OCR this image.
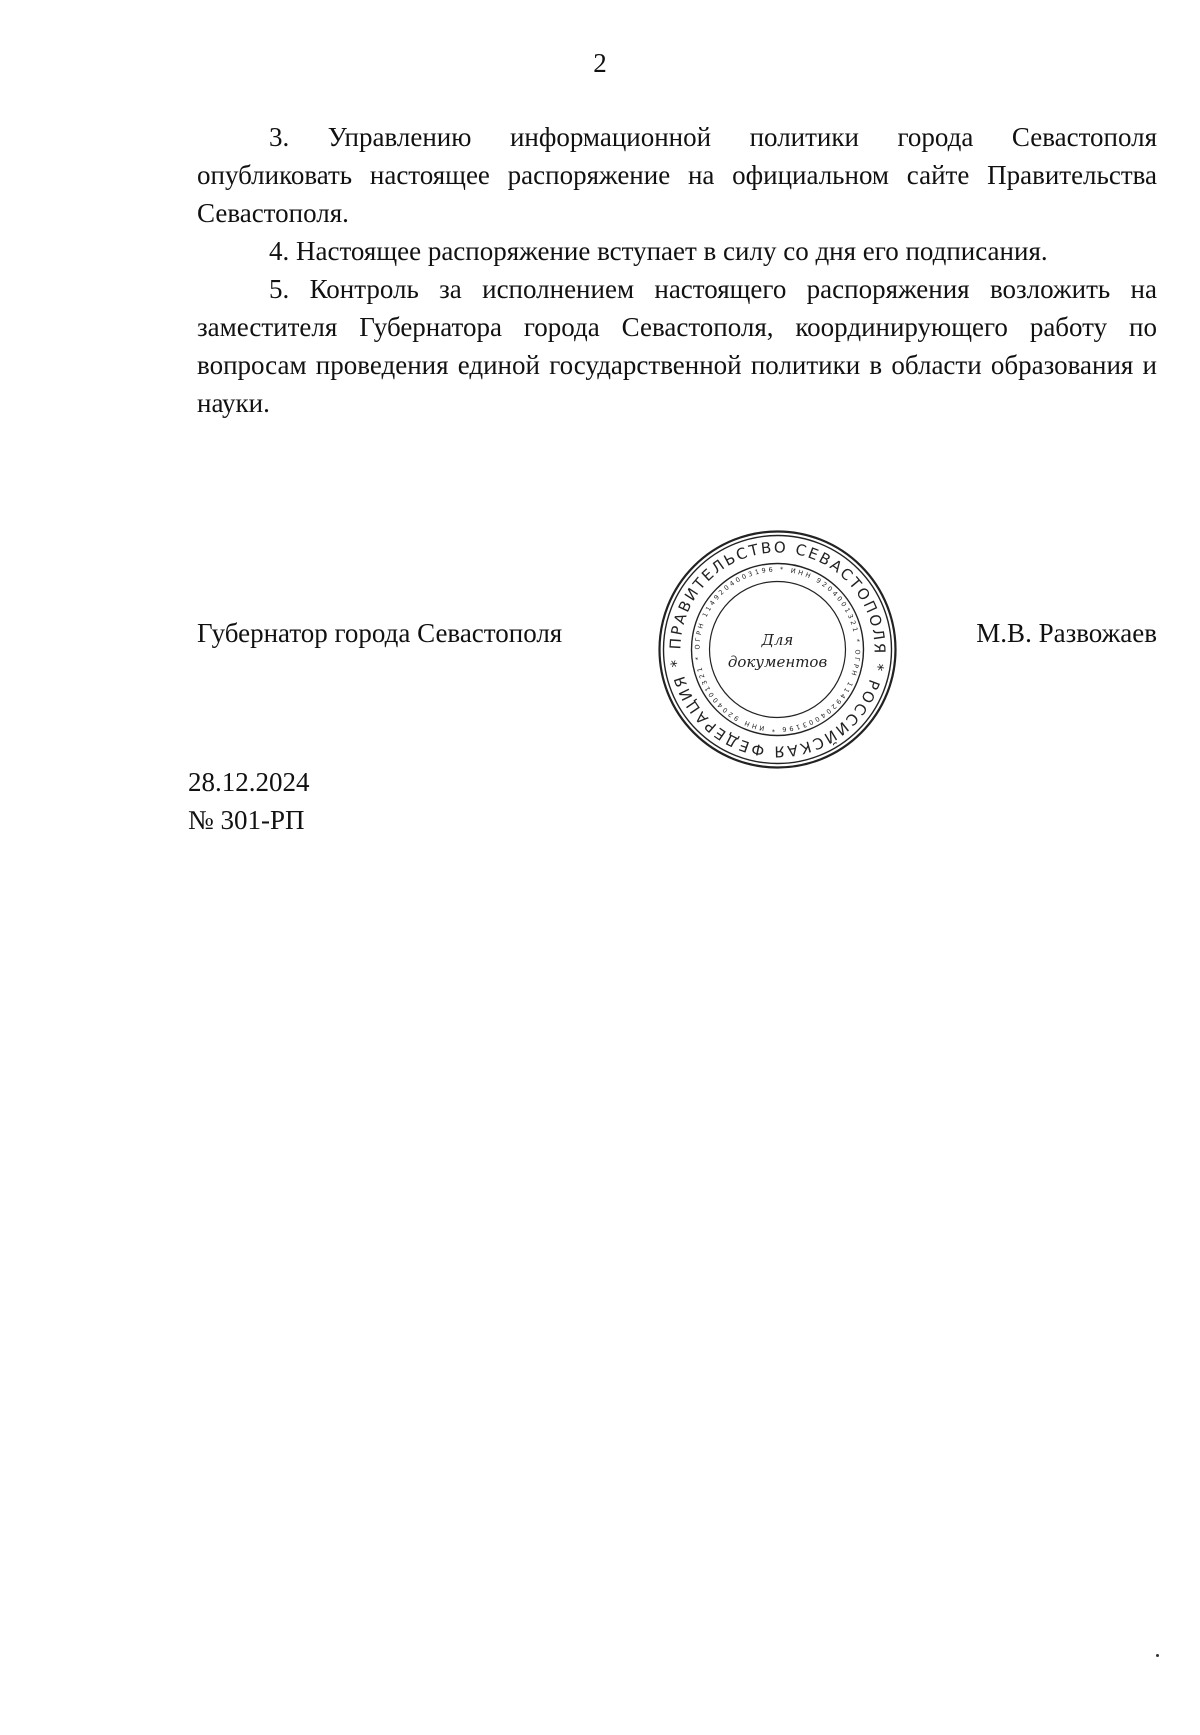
2

3. Управлению информационной политики города Севастополя опубликовать настоящее распоряжение на официальном сайте Правительства Севастополя.

4. Настоящее распоряжение вступает в силу со дня его подписания.

5. Контроль за исполнением настоящего распоряжения возложить на заместителя Губернатора города Севастополя, координирующего работу по вопросам проведения единой государственной политики в области образования и науки.

Губернатор города Севастополя	М.В. Развожаев
ПРАВИТЕЛЬСТВО СЕВАСТОПОЛЯ * РОССИЙСКАЯ ФЕДЕРАЦИЯ *
ОГРН 1149204003196 * ИНН 9204001321 * ОГРН 1149204003196 * ИНН 9204001321 *
Для
документов
28.12.2024
№ 301-РП
